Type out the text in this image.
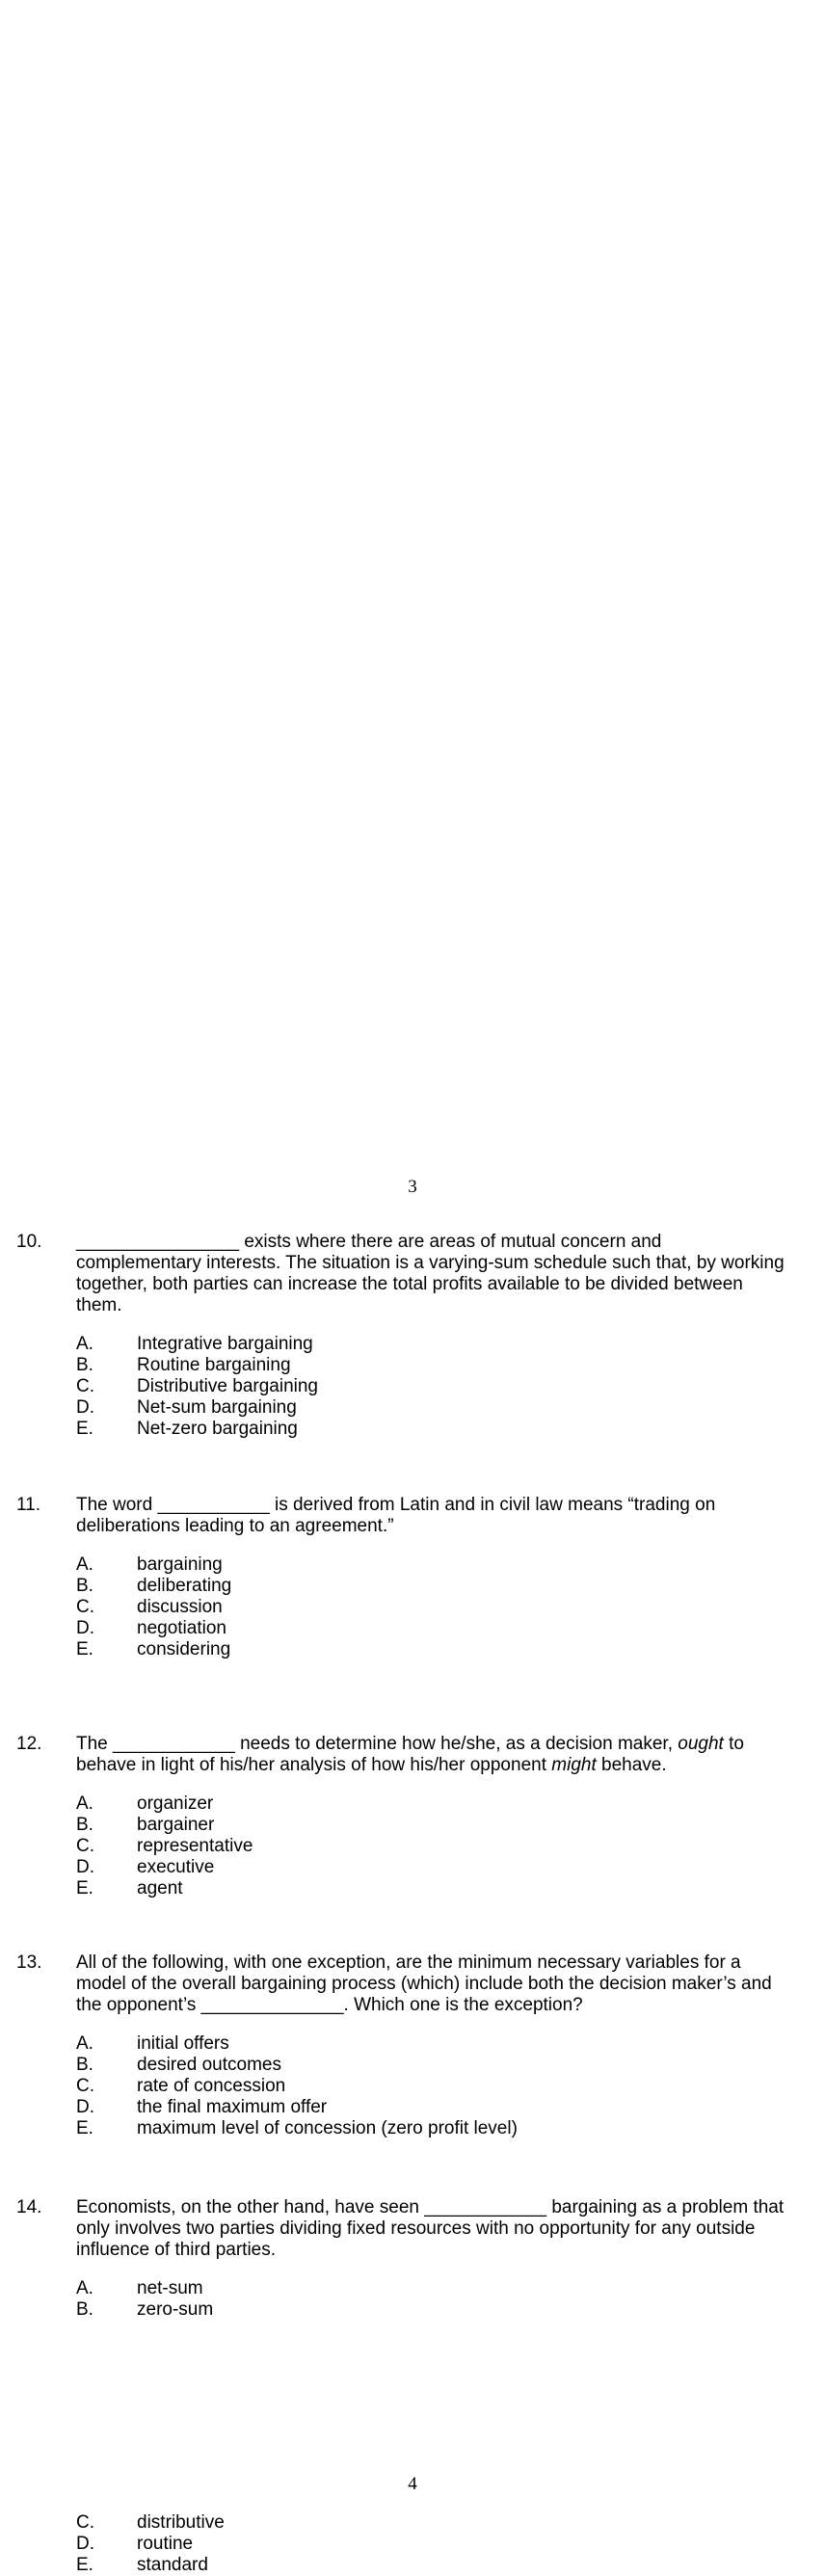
3
10. ________________ exists where there are areas of mutual concern and
complementary interests. The situation is a varying-sum schedule such that, by working
together, both parties can increase the total profits available to be divided between
them.
A. Integrative bargaining
B. Routine bargaining
C. Distributive bargaining
D. Net-sum bargaining
E. Net-zero bargaining
11. The word ___________ is derived from Latin and in civil law means “trading on
deliberations leading to an agreement.”
A. bargaining
B. deliberating
C. discussion
D. negotiation
E. considering
12. The ____________ needs to determine how he/she, as a decision maker, ought to
behave in light of his/her analysis of how his/her opponent might behave.
A. organizer
B. bargainer
C. representative
D. executive
E. agent
13. All of the following, with one exception, are the minimum necessary variables for a
model of the overall bargaining process (which) include both the decision maker’s and
the opponent’s ______________. Which one is the exception?
A. initial offers
B. desired outcomes
C. rate of concession
D. the final maximum offer
E. maximum level of concession (zero profit level)
14. Economists, on the other hand, have seen ____________ bargaining as a problem that
only involves two parties dividing fixed resources with no opportunity for any outside
influence of third parties.
A. net-sum
B. zero-sum
4
C. distributive
D. routine
E. standard
